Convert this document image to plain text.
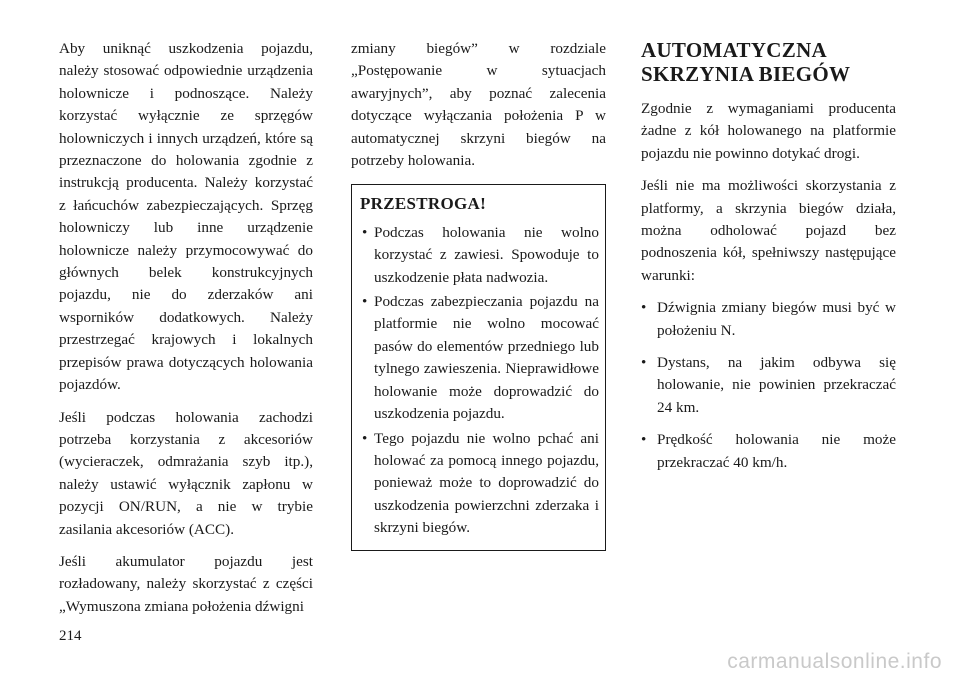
Aby uniknąć uszkodzenia pojazdu, należy stosować odpowiednie urządzenia holownicze i podnoszące. Należy korzystać wyłącznie ze sprzęgów holowniczych i innych urządzeń, które są przeznaczone do holowania zgodnie z instrukcją producenta. Należy korzystać z łańcuchów zabezpieczających. Sprzęg holowniczy lub inne urządzenie holownicze należy przymocowywać do głównych belek konstrukcyjnych pojazdu, nie do zderzaków ani wsporników dodatkowych. Należy przestrzegać krajowych i lokalnych przepisów prawa dotyczących holowania pojazdów.

Jeśli podczas holowania zachodzi potrzeba korzystania z akcesoriów (wycieraczek, odmrażania szyb itp.), należy ustawić wyłącznik zapłonu w pozycji ON/RUN, a nie w trybie zasilania akcesoriów (ACC).

Jeśli akumulator pojazdu jest rozładowany, należy skorzystać z części „Wymuszona zmiana położenia dźwigni

zmiany biegów” w rozdziale „Postępowanie w sytuacjach awaryjnych”, aby poznać zalecenia dotyczące wyłączania położenia P w automatycznej skrzyni biegów na potrzeby holowania.

PRZESTROGA!
• Podczas holowania nie wolno korzystać z zawiesi. Spowoduje to uszkodzenie płata nadwozia.
• Podczas zabezpieczania pojazdu na platformie nie wolno mocować pasów do elementów przedniego lub tylnego zawieszenia. Nieprawidłowe holowanie może doprowadzić do uszkodzenia pojazdu.
• Tego pojazdu nie wolno pchać ani holować za pomocą innego pojazdu, ponieważ może to doprowadzić do uszkodzenia powierzchni zderzaka i skrzyni biegów.
AUTOMATYCZNA
SKRZYNIA BIEGÓW

Zgodnie z wymaganiami producenta żadne z kół holowanego na platformie pojazdu nie powinno dotykać drogi.

Jeśli nie ma możliwości skorzystania z platformy, a skrzynia biegów działa, można odholować pojazd bez podnoszenia kół, spełniwszy następujące warunki:

• Dźwignia zmiany biegów musi być w położeniu N.
• Dystans, na jakim odbywa się holowanie, nie powinien przekraczać 24 km.
• Prędkość holowania nie może przekraczać 40 km/h.
214
carmanualsonline.info
